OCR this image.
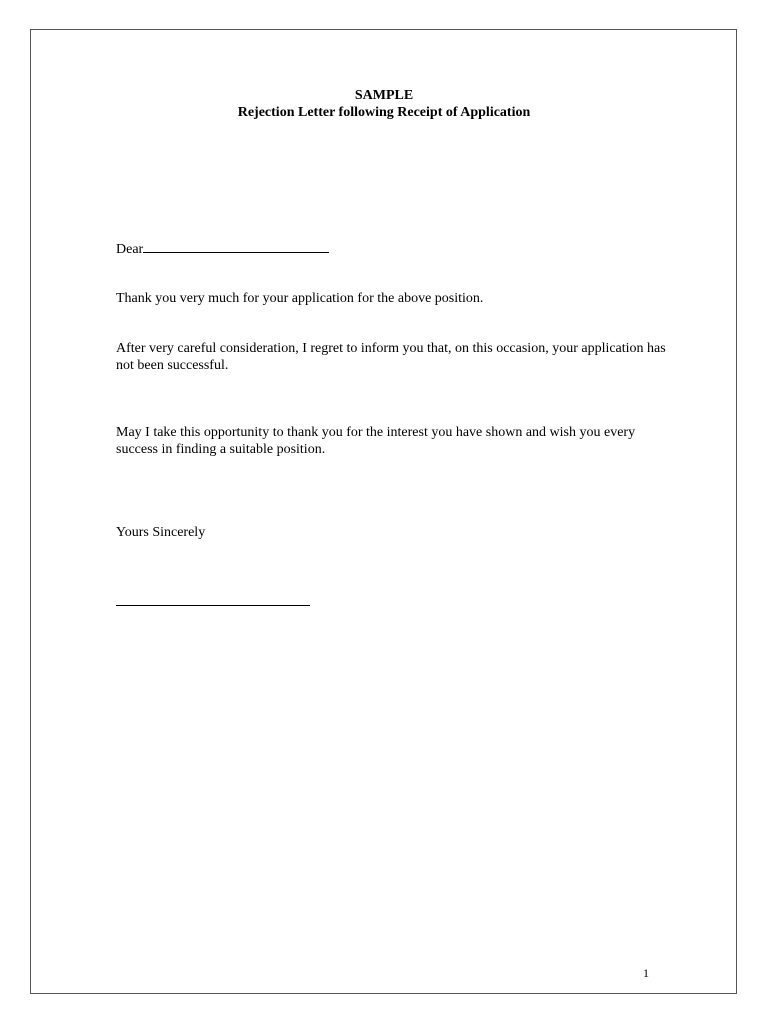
SAMPLE
Rejection Letter following Receipt of Application
Dear
Thank you very much for your application for the above position.
After very careful consideration, I regret to inform you that, on this occasion, your application has not been successful.
May I take this opportunity to thank you for the interest you have shown and wish you every success in finding a suitable position.
Yours Sincerely
1
